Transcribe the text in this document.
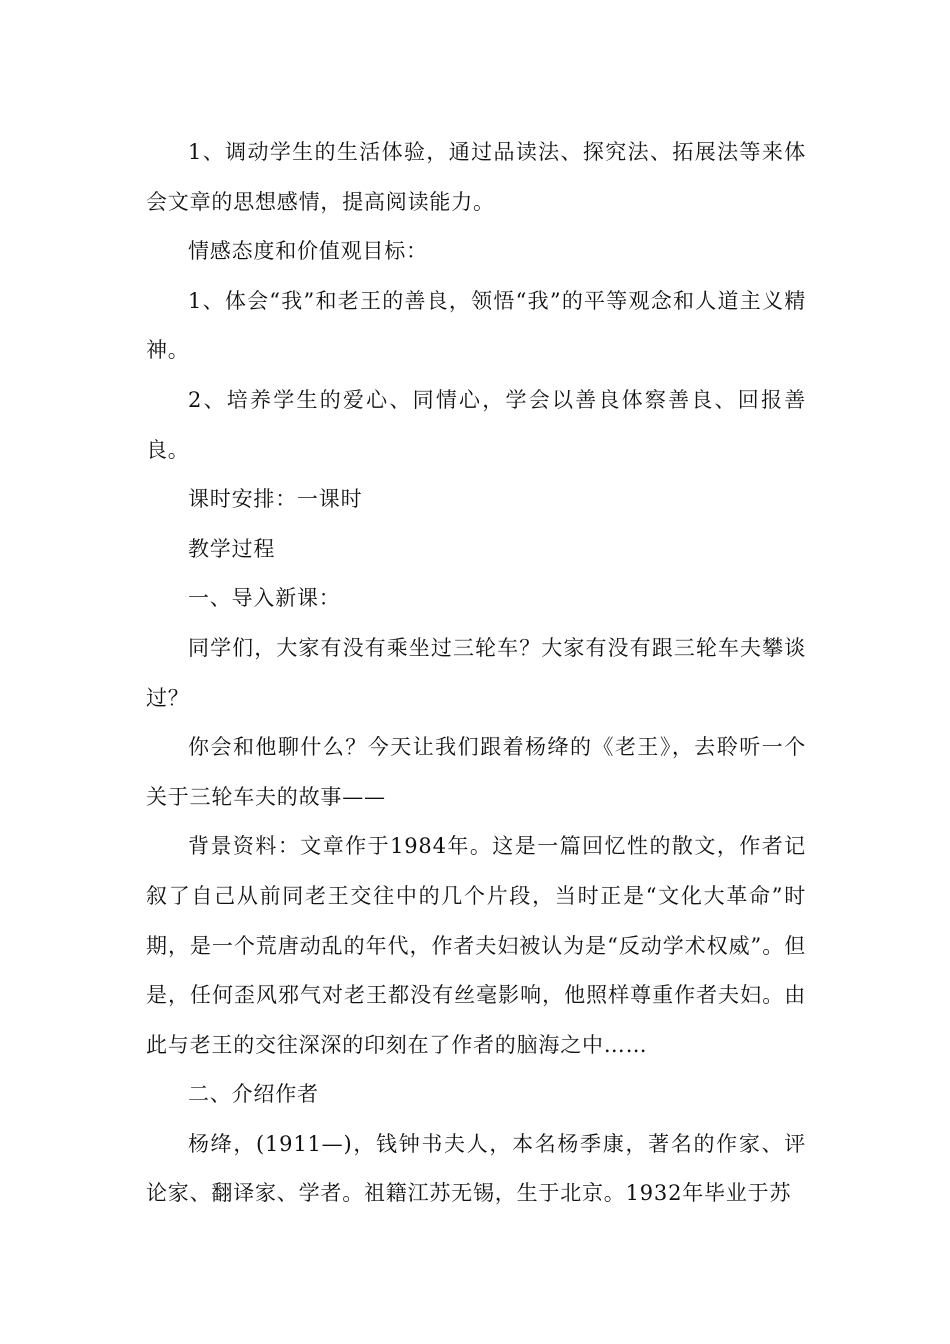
1、调动学生的生活体验，通过品读法、探究法、拓展法等来体会文章的思想感情，提高阅读能力。

情感态度和价值观目标：

1、体会“我”和老王的善良，领悟“我”的平等观念和人道主义精神。

2、培养学生的爱心、同情心，学会以善良体察善良、回报善良。

课时安排：一课时

教学过程

一、导入新课：

同学们，大家有没有乘坐过三轮车？大家有没有跟三轮车夫攀谈过？

你会和他聊什么？今天让我们跟着杨绛的《老王》，去聆听一个关于三轮车夫的故事——

背景资料：文章作于1984年。这是一篇回忆性的散文，作者记叙了自己从前同老王交往中的几个片段，当时正是“文化大革命”时期，是一个荒唐动乱的年代，作者夫妇被认为是“反动学术权威”。但是，任何歪风邪气对老王都没有丝毫影响，他照样尊重作者夫妇。由此与老王的交往深深的印刻在了作者的脑海之中……

二、介绍作者

杨绛，(1911—)，钱钟书夫人，本名杨季康，著名的作家、评论家、翻译家、学者。祖籍江苏无锡，生于北京。1932年毕业于苏
